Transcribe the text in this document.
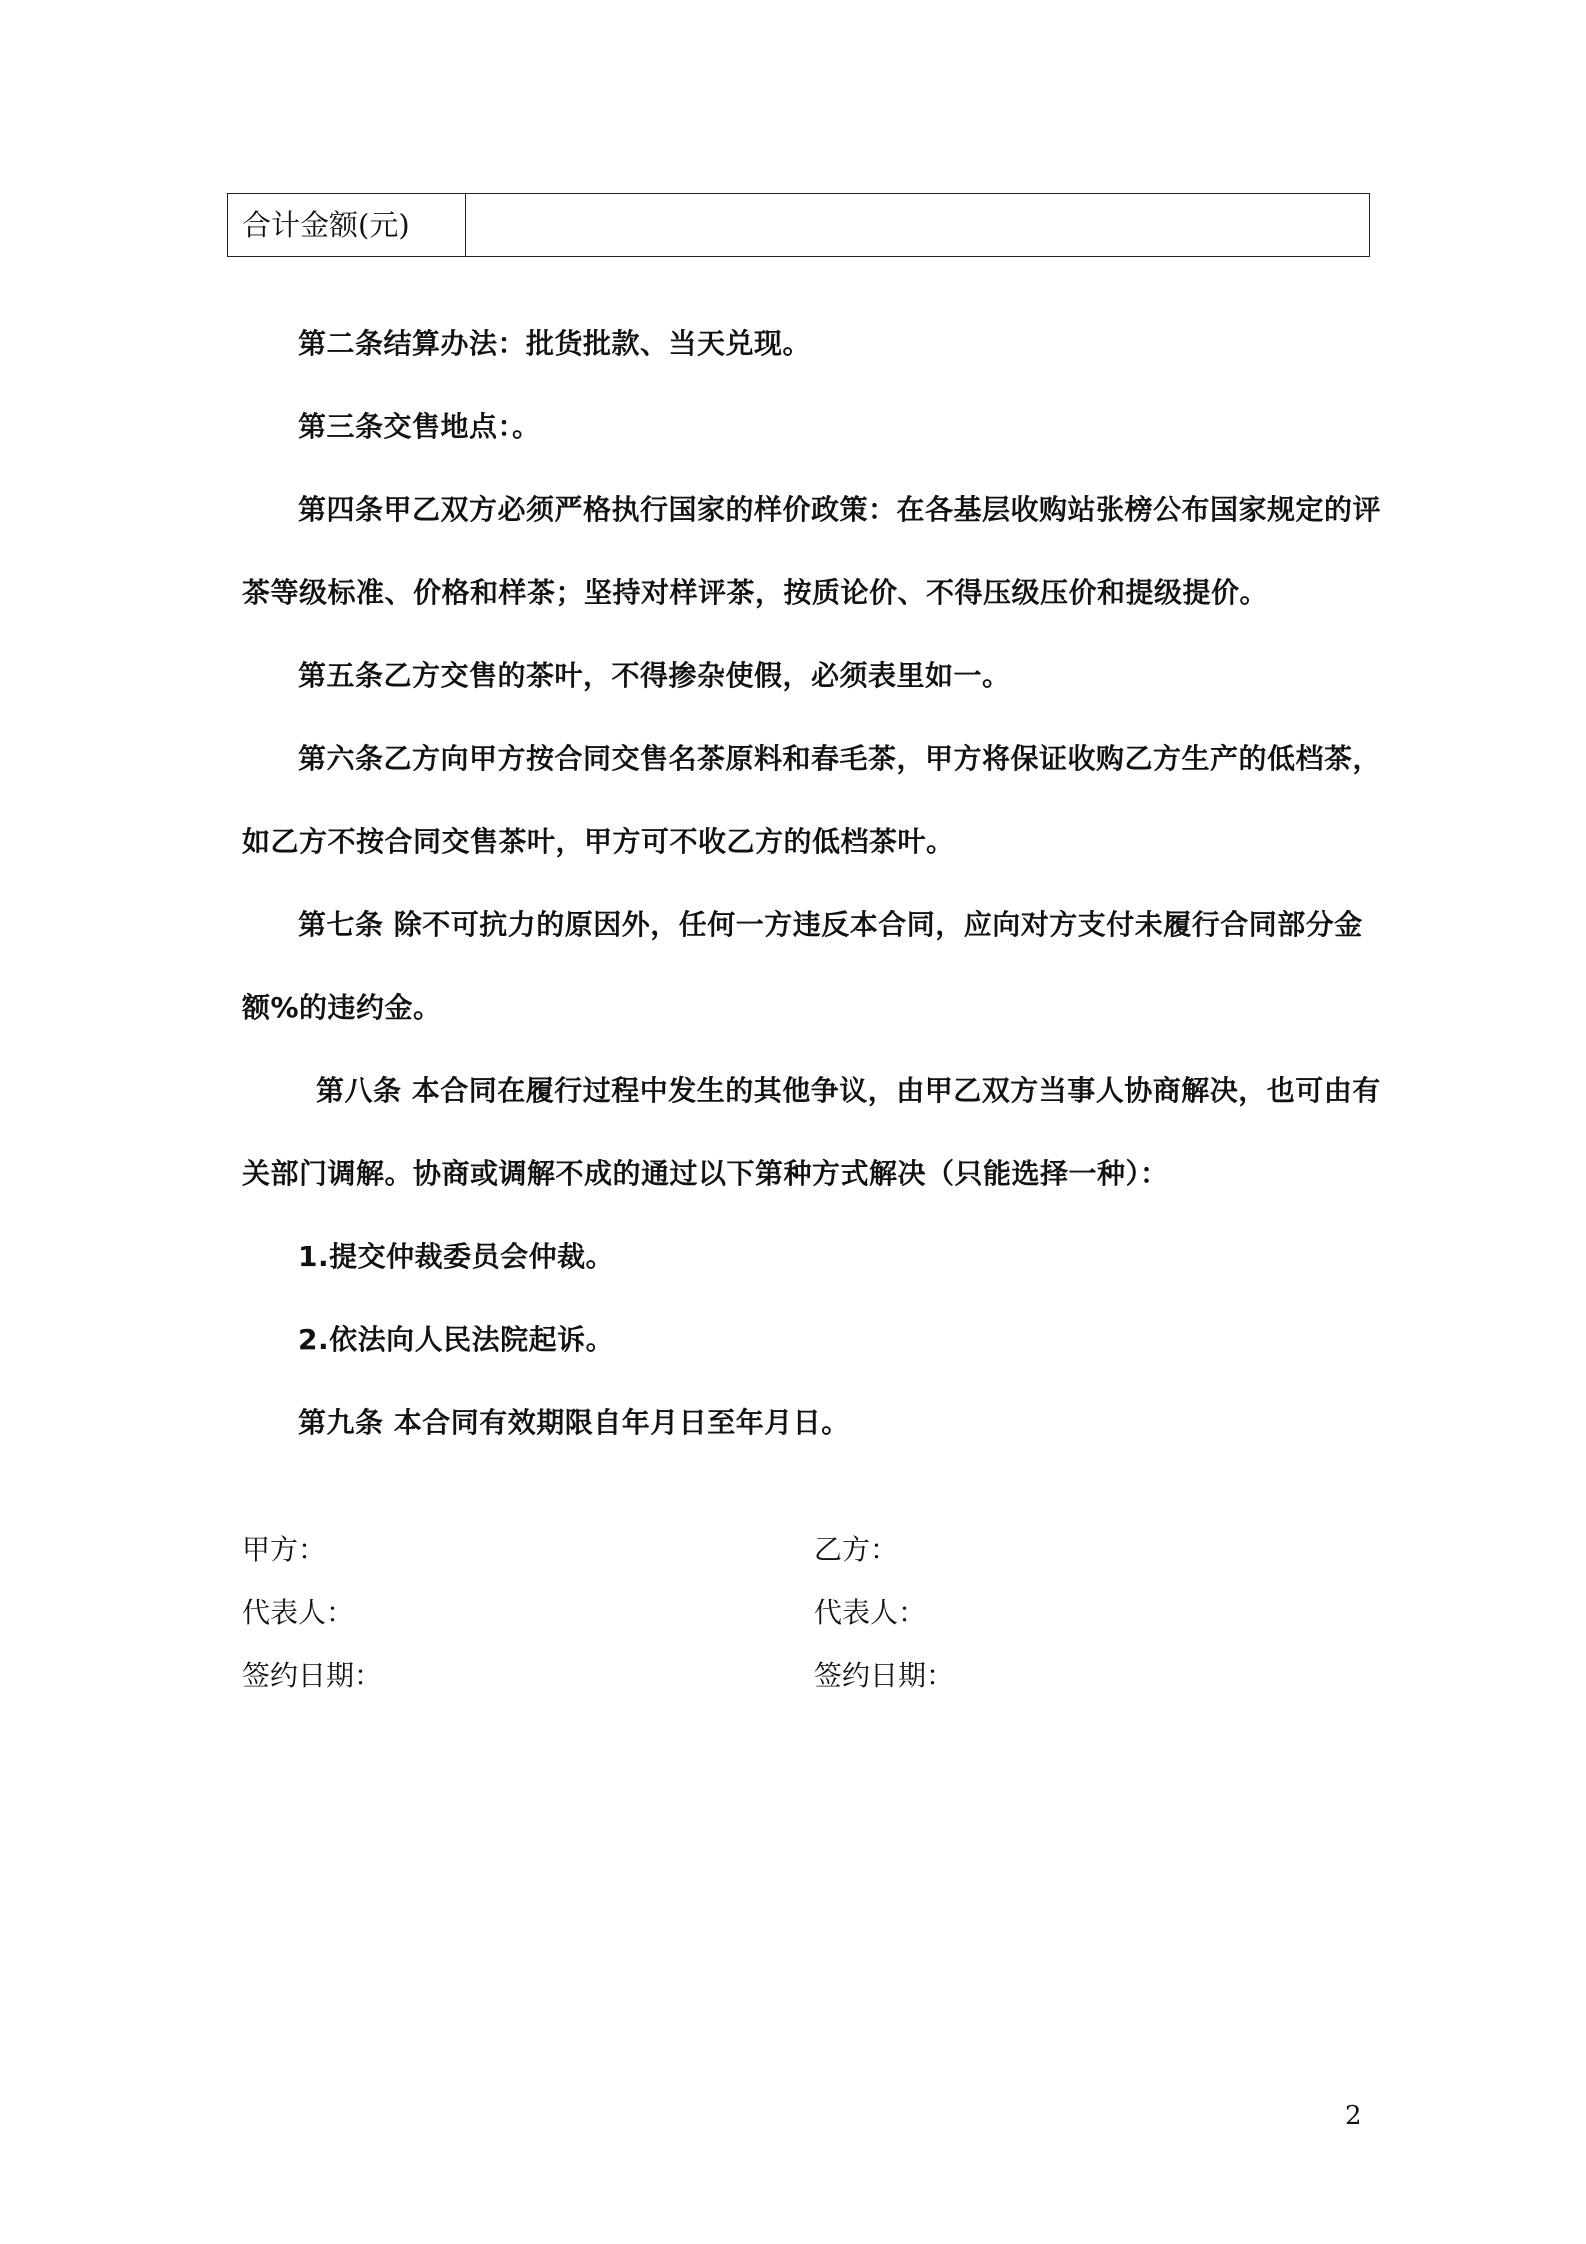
合计金额(元)
第二条结算办法：批货批款、当天兑现。
第三条交售地点：。
第四条甲乙双方必须严格执行国家的样价政策：在各基层收购站张榜公布国家规定的评
茶等级标准、价格和样茶；坚持对样评茶，按质论价、不得压级压价和提级提价。
第五条乙方交售的茶叶，不得掺杂使假，必须表里如一。
第六条乙方向甲方按合同交售名茶原料和春毛茶，甲方将保证收购乙方生产的低档茶，
如乙方不按合同交售茶叶，甲方可不收乙方的低档茶叶。
第七条 除不可抗力的原因外，任何一方违反本合同，应向对方支付未履行合同部分金
额%的违约金。
第八条 本合同在履行过程中发生的其他争议，由甲乙双方当事人协商解决，也可由有
关部门调解。协商或调解不成的通过以下第种方式解决（只能选择一种）：
1.提交仲裁委员会仲裁。
2.依法向人民法院起诉。
第九条 本合同有效期限自年月日至年月日。
甲方：	乙方：
代表人：	代表人：
签约日期：	签约日期：
2
